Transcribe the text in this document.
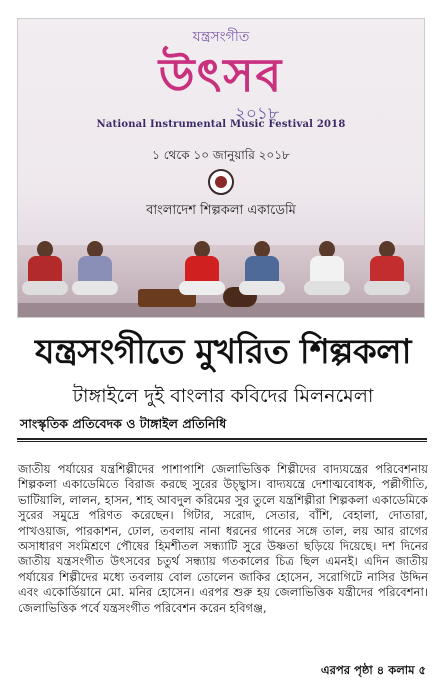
যন্ত্রসংগীত
উৎসব
২০১৮
National Instrumental Music Festival 2018
১ থেকে ১০ জানুয়ারি ২০১৮
বাংলাদেশ শিল্পকলা একাডেমি
যন্ত্রসংগীতে মুখরিত শিল্পকলা
টাঙ্গাইলে দুই বাংলার কবিদের মিলনমেলা
সাংস্কৃতিক প্রতিবেদক ও টাঙ্গাইল প্রতিনিধি
জাতীয় পর্যায়ের যন্ত্রশিল্পীদের পাশাপাশি জেলাভিত্তিক শিল্পীদের বাদ্যযন্ত্রের পরিবেশনায় শিল্পকলা একাডেমিতে বিরাজ করছে সুরের উচ্ছ্বাস। বাদ্যযন্ত্রে দেশাত্মবোধক, পল্লীগীতি, ভাটিয়ালি, লালন, হাসন, শাহ আবদুল করিমের সুর তুলে যন্ত্রশিল্পীরা শিল্পকলা একাডেমিকে সুরের সমুদ্রে পরিণত করেছেন। গিটার, সরোদ, সেতার, বাঁশি, বেহালা, দোতারা, পাখওয়াজ, পারকাশন, ঢোল, তবলায় নানা ধরনের গানের সঙ্গে তাল, লয় আর রাগের অসাধারণ সংমিশ্রণে পৌষের হিমশীতল সন্ধ্যাটি সুরে উষ্ণতা ছড়িয়ে দিয়েছে। দশ দিনের জাতীয় যন্ত্রসংগীত উৎসবের চতুর্থ সন্ধ্যায় গতকালের চিত্র ছিল এমনই। এদিন জাতীয় পর্যায়ের শিল্পীদের মধ্যে তবলায় বোল তোলেন জাকির হোসেন, সরোগিটে নাসির উদ্দিন এবং একোর্ডিয়ানে মো. মনির হোসেন। এরপর শুরু হয় জেলাভিত্তিক যন্ত্রীদের পরিবেশনা। জেলাভিত্তিক পর্বে যন্ত্রসংগীত পরিবেশন করেন হবিগঞ্জ,
এরপর পৃষ্ঠা ৪ কলাম ৫
